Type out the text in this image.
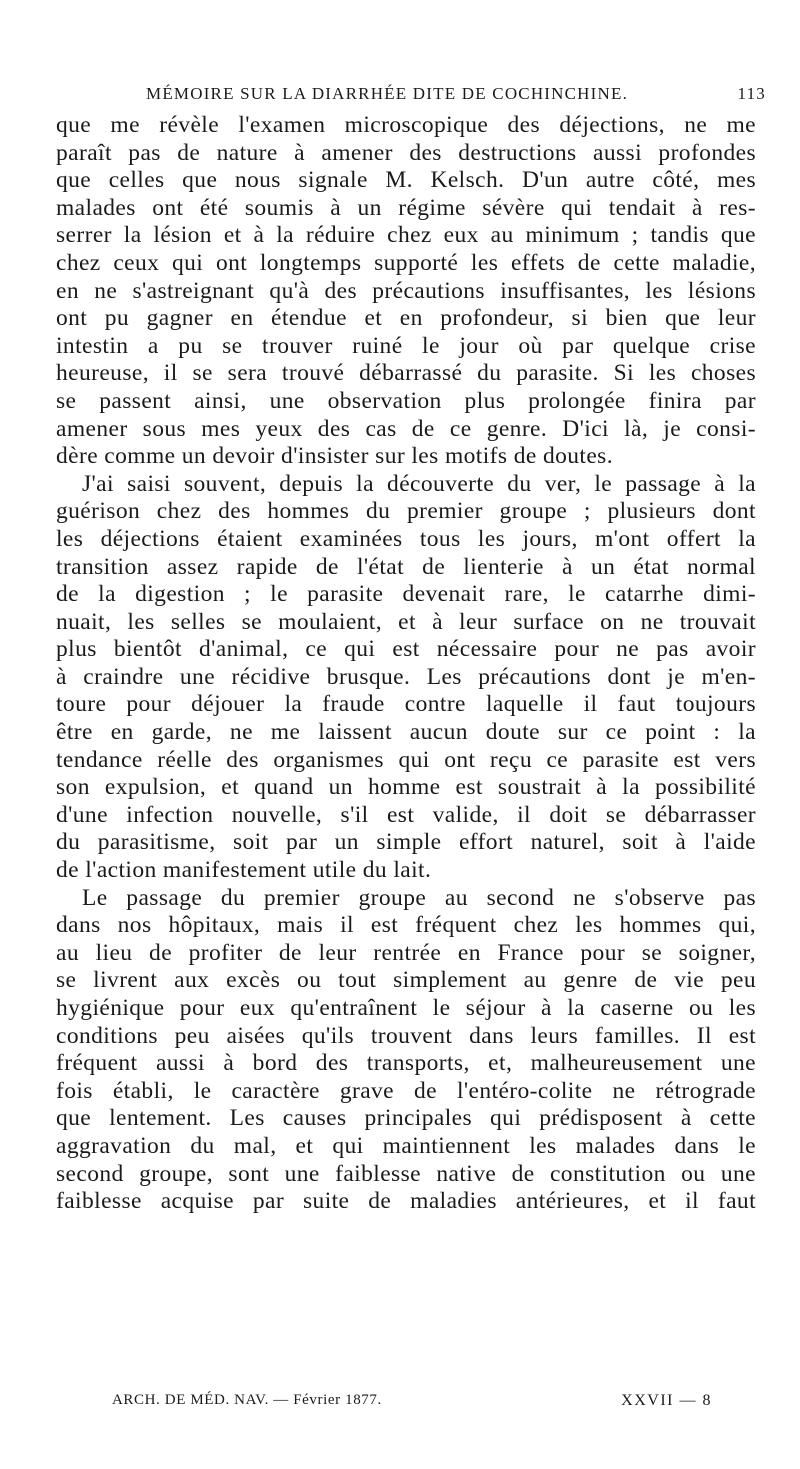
MÉMOIRE SUR LA DIARRHÉE DITE DE COCHINCHINE.	113
que me révèle l'examen microscopique des déjections, ne me
paraît pas de nature à amener des destructions aussi profondes
que celles que nous signale M. Kelsch. D'un autre côté, mes
malades ont été soumis à un régime sévère qui tendait à res-
serrer la lésion et à la réduire chez eux au minimum ; tandis que
chez ceux qui ont longtemps supporté les effets de cette maladie,
en ne s'astreignant qu'à des précautions insuffisantes, les lésions
ont pu gagner en étendue et en profondeur, si bien que leur
intestin a pu se trouver ruiné le jour où par quelque crise
heureuse, il se sera trouvé débarrassé du parasite. Si les choses
se passent ainsi, une observation plus prolongée finira par
amener sous mes yeux des cas de ce genre. D'ici là, je consi-
dère comme un devoir d'insister sur les motifs de doutes.
J'ai saisi souvent, depuis la découverte du ver, le passage à la
guérison chez des hommes du premier groupe ; plusieurs dont
les déjections étaient examinées tous les jours, m'ont offert la
transition assez rapide de l'état de lienterie à un état normal
de la digestion ; le parasite devenait rare, le catarrhe dimi-
nuait, les selles se moulaient, et à leur surface on ne trouvait
plus bientôt d'animal, ce qui est nécessaire pour ne pas avoir
à craindre une récidive brusque. Les précautions dont je m'en-
toure pour déjouer la fraude contre laquelle il faut toujours
être en garde, ne me laissent aucun doute sur ce point : la
tendance réelle des organismes qui ont reçu ce parasite est vers
son expulsion, et quand un homme est soustrait à la possibilité
d'une infection nouvelle, s'il est valide, il doit se débarrasser
du parasitisme, soit par un simple effort naturel, soit à l'aide
de l'action manifestement utile du lait.
Le passage du premier groupe au second ne s'observe pas
dans nos hôpitaux, mais il est fréquent chez les hommes qui,
au lieu de profiter de leur rentrée en France pour se soigner,
se livrent aux excès ou tout simplement au genre de vie peu
hygiénique pour eux qu'entraînent le séjour à la caserne ou les
conditions peu aisées qu'ils trouvent dans leurs familles. Il est
fréquent aussi à bord des transports, et, malheureusement une
fois établi, le caractère grave de l'entéro-colite ne rétrograde
que lentement. Les causes principales qui prédisposent à cette
aggravation du mal, et qui maintiennent les malades dans le
second groupe, sont une faiblesse native de constitution ou une
faiblesse acquise par suite de maladies antérieures, et il faut
ARCH. DE MÉD. NAV. — Février 1877.	XXVII — 8
